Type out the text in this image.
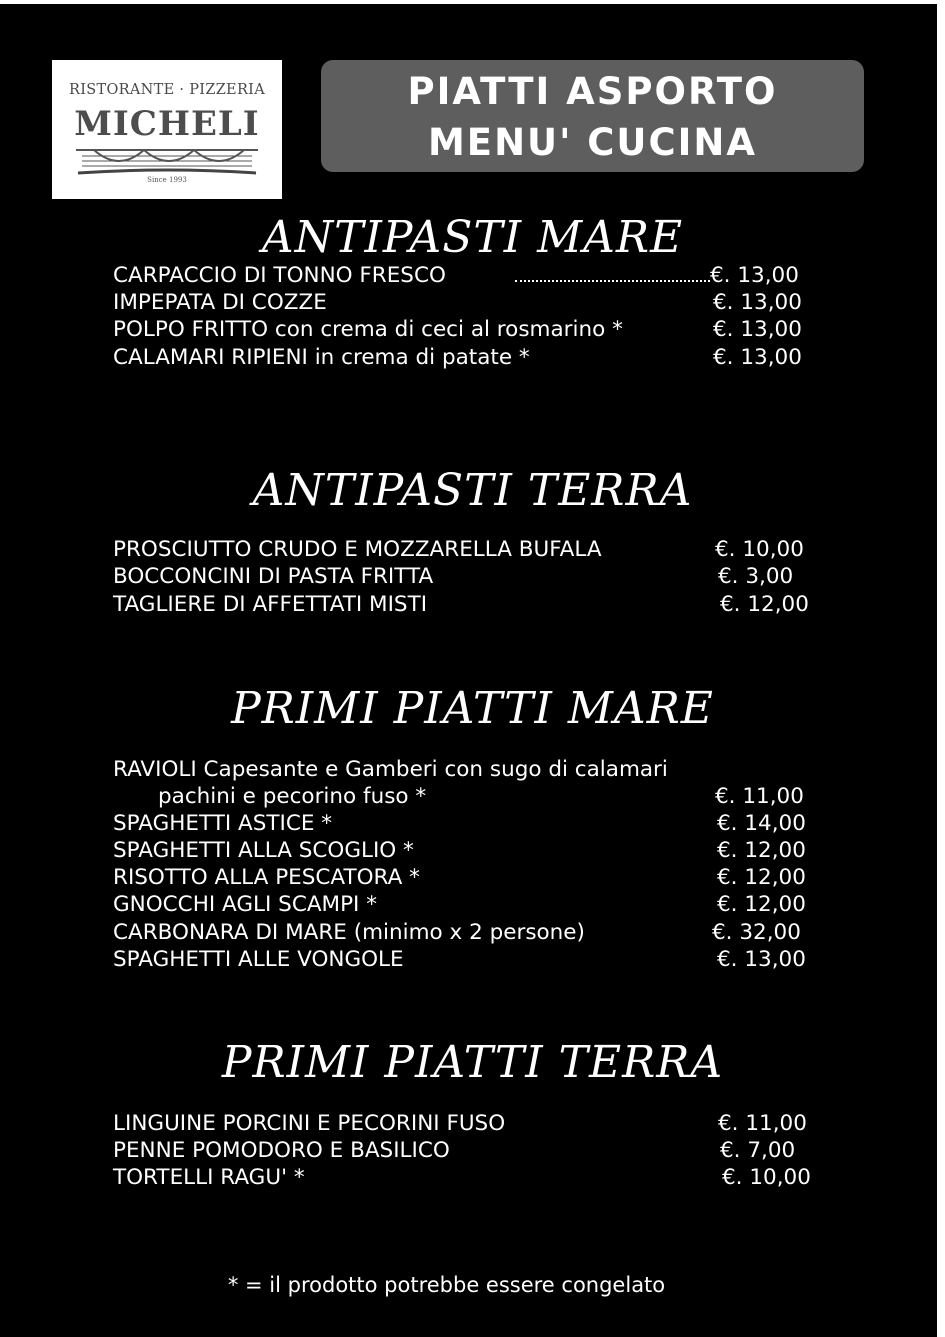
RISTORANTE · PIZZERIA
MICHELI
Since 1993
PIATTI ASPORTO
MENU' CUCINA
ANTIPASTI MARE
CARPACCIO DI TONNO FRESCO	€. 13,00
IMPEPATA DI COZZE	€. 13,00
POLPO FRITTO con crema di ceci al rosmarino *	€. 13,00
CALAMARI RIPIENI in crema di patate *	€. 13,00
ANTIPASTI TERRA
PROSCIUTTO CRUDO E MOZZARELLA BUFALA	€. 10,00
BOCCONCINI DI PASTA FRITTA	€. 3,00
TAGLIERE DI AFFETTATI MISTI	€. 12,00
PRIMI PIATTI MARE
RAVIOLI Capesante e Gamberi con sugo di calamari
pachini e pecorino fuso *	€. 11,00
SPAGHETTI ASTICE *	€. 14,00
SPAGHETTI ALLA SCOGLIO *	€. 12,00
RISOTTO ALLA PESCATORA *	€. 12,00
GNOCCHI AGLI SCAMPI *	€. 12,00
CARBONARA DI MARE (minimo x 2 persone)	€. 32,00
SPAGHETTI ALLE VONGOLE	€. 13,00
PRIMI PIATTI TERRA
LINGUINE PORCINI E PECORINI FUSO	€. 11,00
PENNE POMODORO E BASILICO	€. 7,00
TORTELLI RAGU' *	€. 10,00
* = il prodotto potrebbe essere congelato
